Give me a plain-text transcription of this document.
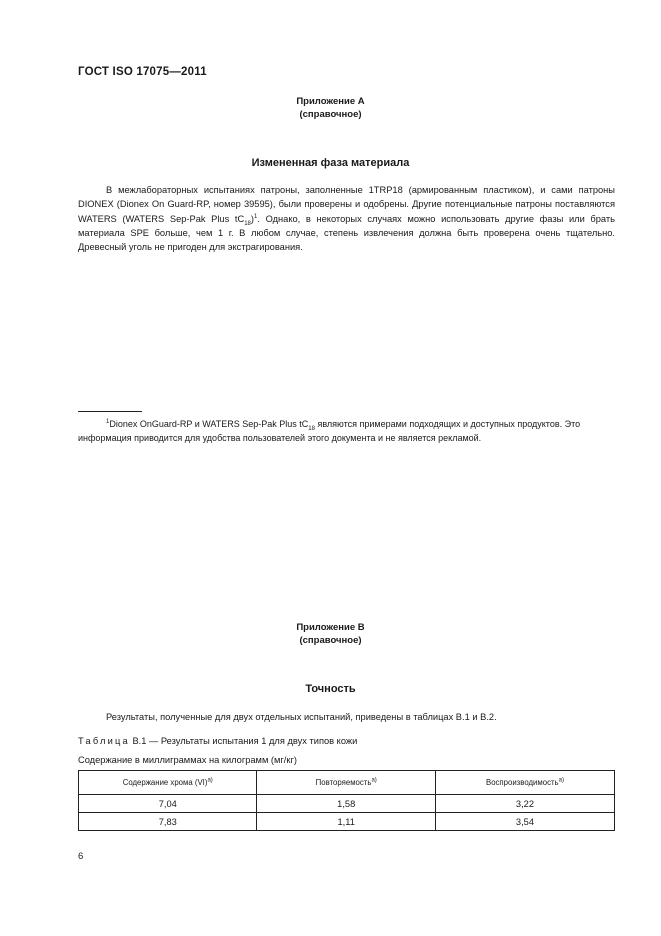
ГОСТ ISO 17075—2011
Приложение А
(справочное)
Измененная фаза материала

В межлабораторных испытаниях патроны, заполненные 1TRP18 (армированным пластиком), и сами патроны DIONEX (Dionex On Guard-RP, номер 39595), были проверены и одобрены. Другие потенциальные патроны поставляются WATERS (WATERS Sep-Pak Plus $tC_{18})^1$. Однако, в некоторых случаях можно использовать другие фазы или брать материала SPE больше, чем 1 г. В любом случае, степень извлечения должна быть проверена очень тщательно. Древесный уголь не пригоден для экстрагирования.

$^1$Dionex OnGuard-RP и WATERS Sep-Pak Plus $tC_{18}$ являются примерами подходящих и доступных продуктов. Это информация приводится для удобства пользователей этого документа и не является рекламой.

Приложение В
(справочное)
Точность

Результаты, полученные для двух отдельных испытаний, приведены в таблицах В.1 и В.2.

Таблица В.1 — Результаты испытания 1 для двух типов кожи
Содержание в миллиграммах на килограмм (мг/кг)
Содержание хрома (VI)$^{а)}$	Повторяемость$^{а)}$	Воспроизводимость$^{а)}$
7,04	1,58	3,22
7,83	1,11	3,54
6
